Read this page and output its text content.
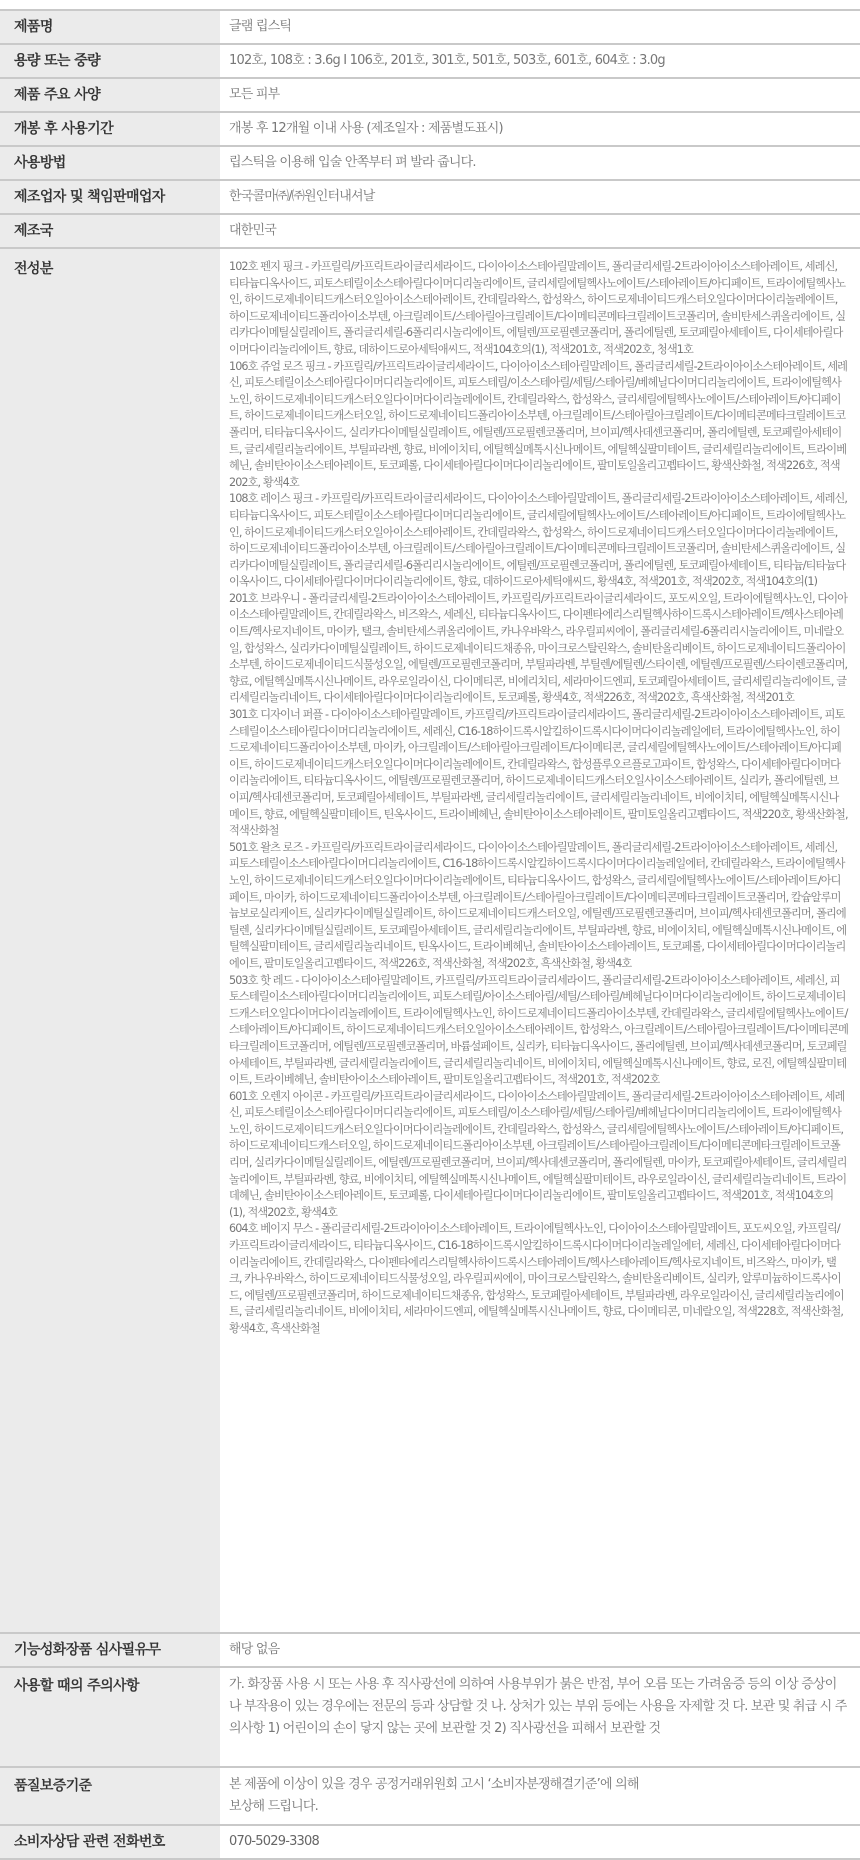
제품명	글램 립스틱
용량 또는 중량	102호, 108호 : 3.6g I 106호, 201호, 301호, 501호, 503호, 601호, 604호 : 3.0g
제품 주요 사양	모든 피부
개봉 후 사용기간	개봉 후 12개월 이내 사용 (제조일자 : 제품별도표시)
사용방법	립스틱을 이용해 입술 안쪽부터 펴 발라 줍니다.
제조업자 및 책임판매업자	한국콜마㈜/㈜원인터내셔날
제조국	대한민국
전성분	102호 펜지 핑크 - 카프릴릭/카프릭트라이글리세라이드, 다이아이소스테아릴말레이트, 폴리글리세릴-2트라이아이소스테아레이트, 세레신, 티타늄디옥사이드, 피토스테릴이소스테아릴다이머디리놀리에이트, 글리세릴에틸헥사노에이트/스테아레이트/아디페이트, 트라이에틸헥사노인, 하이드로제네이티드캐스터오일아이소스테아레이트, 칸데릴라왁스, 합성왁스, 하이드로제네이티드캐스터오일다이머다이리놀레에이트, 하이드로제네이티드폴리아이소부텐, 아크릴레이트/스테아릴아크릴레이트/다이메티콘메타크릴레이트코폴리머, 솔비탄세스퀴올리에이트, 실리카다이메틸실릴레이트, 폴리글리세릴-6폴리리시놀리에이트, 에틸렌/프로필렌코폴리머, 폴리에틸렌, 토코페릴아세테이트, 다이세테아릴다이머다이리놀리에이트, 향료, 데하이드로아세틱애씨드, 적색104호의(1), 적색201호, 적색202호, 청색1호
106호 쥬얼 로즈 핑크 - 카프릴릭/카프릭트라이글리세라이드, 다이아이소스테아릴말레이트, 폴리글리세릴-2트라이아이소스테아레이트, 세레신, 피토스테릴이소스테아릴다이머디리놀리에이트, 피토스테릴/이소스테아릴/세틸/스테아릴/베헤닐다이머디리놀리에이트, 트라이에틸헥사노인, 하이드로제네이티드캐스터오일다이머다이리놀레에이트, 칸데릴라왁스, 합성왁스, 글리세릴에틸헥사노에이트/스테아레이트/아디페이트, 하이드로제네이티드캐스터오일, 하이드로제네이티드폴리아이소부텐, 아크릴레이트/스테아릴아크릴레이트/다이메티콘메타크릴레이트코폴리머, 티타늄디옥사이드, 실리카다이메틸실릴레이트, 에틸렌/프로필렌코폴리머, 브이피/헥사데센코폴리머, 폴리에틸렌, 토코페릴아세테이트, 글리세릴리놀리에이트, 부틸파라벤, 향료, 비에이치티, 에틸헥실메톡시신나메이트, 에틸헥실팔미테이트, 글리세릴리놀리에이트, 트라이베헤닌, 솔비탄아이소스테아레이트, 토코페롤, 다이세테아릴다이머다이리놀리에이트, 팔미토일올리고펩타이드, 황색산화철, 적색226호, 적색202호, 황색4호
108호 레이스 핑크 - 카프릴릭/카프릭트라이글리세라이드, 다이아이소스테아릴말레이트, 폴리글리세릴-2트라이아이소스테아레이트, 세레신, 티타늄디옥사이드, 피토스테릴이소스테아릴다이머디리놀리에이트, 글리세릴에틸헥사노에이트/스테아레이트/아디페이트, 트라이에틸헥사노인, 하이드로제네이티드캐스터오일아이소스테아레이트, 칸데릴라왁스, 합성왁스, 하이드로제네이티드캐스터오일다이머다이리놀레에이트, 하이드로제네이티드폴리아이소부텐, 아크릴레이트/스테아릴아크릴레이트/다이메티콘메타크릴레이트코폴리머, 솔비탄세스퀴올리에이트, 실리카다이메틸실릴레이트, 폴리글리세릴-6폴리리시놀리에이트, 에틸렌/프로필렌코폴리머, 폴리에틸렌, 토코페릴아세테이트, 티타늄/티타늄다이옥사이드, 다이세테아릴다이머다이리놀리에이트, 향료, 데하이드로아세틱애씨드, 황색4호, 적색201호, 적색202호, 적색104호의(1)
201호 브라우니 - 폴리글리세릴-2트라이아이소스테아레이트, 카프릴릭/카프릭트라이글리세라이드, 포도씨오일, 트라이에틸헥사노인, 다이아이소스테아릴말레이트, 칸데릴라왁스, 비즈왁스, 세레신, 티타늄디옥사이드, 다이펜타에리스리틸헥사하이드록시스테아레이트/헥사스테아레이트/헥사로지네이트, 마이카, 탤크, 솔비탄세스퀴올리에이트, 카나우바왁스, 라우릴피씨에이, 폴리글리세릴-6폴리리시놀리에이트, 미네랄오일, 합성왁스, 실리카다이메틸실릴레이트, 하이드로제네이티드채종유, 마이크로스탈린왁스, 솔비탄올리베이트, 하이드로제네이티드폴리아이소부텐, 하이드로제네이티드식물성오일, 에틸렌/프로필렌코폴리머, 부틸파라벤, 부틸렌/에틸렌/스타이렌, 에틸렌/프로필렌/스타이렌코폴리머, 향료, 에틸헥실메톡시신나메이트, 라우로일라이신, 다이메티콘, 비에리치티, 세라마이드엔피, 토코페릴아세테이트, 글리세릴리놀리에이트, 글리세릴리놀리네이트, 다이세테아릴다이머다이리놀리에이트, 토코페롤, 황색4호, 적색226호, 적색202호, 흑색산화철, 적색201호
301호 디자이너 퍼플 - 다이아이소스테아릴말레이트, 카프릴릭/카프릭트라이글리세라이드, 폴리글리세릴-2트라이아이소스테아레이트, 피토스테릴이소스테아릴다이머디리놀리에이트, 세레신, C16-18하이드록시알킬하이드록시다이머다이리놀레일에터, 트라이에틸헥사노인, 하이드로제네이티드폴리아이소부텐, 마이카, 아크릴레이트/스테아릴아크릴레이트/다이메티콘, 글리세릴에틸헥사노에이트/스테아레이트/아디페이트, 하이드로제네이티드캐스터오일다이머다이리놀레에이트, 칸데릴라왁스, 합성플루오르플로고파이트, 합성왁스, 다이세테아릴다이머다이리놀리에이트, 티타늄디옥사이드, 에틸렌/프로필렌코폴리머, 하이드로제네이티드캐스터오일사이소스테아레이트, 실리카, 폴리에틸렌, 브이피/헥사데센코폴리머, 토코페릴아세테이트, 부틸파라벤, 글리세릴리놀리에이트, 글리세릴리놀리네이트, 비에이치티, 에틸헥실메톡시신나메이트, 향료, 에틸헥실팔미테이트, 틴옥사이드, 트라이베헤닌, 솔비탄아이소스테아레이트, 팔미토일올리고펩타이드, 적색220호, 황색산화철, 적색산화철
501호 왈츠 로즈 - 카프릴릭/카프릭트라이글리세라이드, 다이아이소스테아릴말레이트, 폴리글리세릴-2트라이아이소스테아레이트, 세레신, 피토스테릴이소스테아릴다이머디리놀리에이트, C16-18하이드록시알킬하이드록시다이머다이리놀레일에터, 칸데릴라왁스, 트라이에틸헥사노인, 하이드로제네이티드캐스터오일다이머다이리놀레에이트, 티타늄디옥사이드, 합성왁스, 글리세릴에틸헥사노에이트/스테아레이트/아디페이트, 마이카, 하이드로제네이티드폴리아이소부텐, 아크릴레이트/스테아릴아크릴레이트/다이메티콘메타크릴레이트코폴리머, 칼슘알루미늄보로실리케이트, 실리카다이메틸실릴레이트, 하이드로제네이티드캐스터오일, 에틸렌/프로필렌코폴리머, 브이피/헥사데센코폴리머, 폴리에틸렌, 실리카다이메틸실릴레이트, 토코페릴아세테이트, 글리세릴리놀리에이트, 부틸파라벤, 향료, 비에이치티, 에틸헥실메톡시신나메이트, 에틸헥실팔미테이트, 글리세릴리놀리네이트, 틴옥사이드, 트라이베헤닌, 솔비탄아이소스테아레이트, 토코페롤, 다이세테아릴다이머다이리놀리에이트, 팔미토일올리고펩타이드, 적색226호, 적색산화철, 적색202호, 흑색산화철, 황색4호
503호 핫 레드 - 다이아이소스테아릴말레이트, 카프릴릭/카프릭트라이글리세라이드, 폴리글리세릴-2트라이아이소스테아레이트, 세레신, 피토스테릴이소스테아릴다이머디리놀리에이트, 피토스테릴/아이소스테아릴/세틸/스테아릴/베헤닐다이머다이리놀리에이트, 하이드로제네이티드캐스터오일다이머다이리놀레에이트, 트라이에틸헥사노인, 하이드로제네이티드폴리아이소부텐, 칸데릴라왁스, 글리세릴에틸헥사노에이트/스테아레이트/아디페이트, 하이드로제네이티드캐스터오일아이소스테아레이트, 합성왁스, 아크릴레이트/스테아릴아크릴레이트/다이메티콘메타크릴레이트코폴리머, 에틸렌/프로필렌코폴리머, 바륨설페이트, 실리카, 티타늄디옥사이드, 폴리에틸렌, 브이피/헥사데센코폴리머, 토코페릴아세테이트, 부틸파라벤, 글리세릴리놀리에이트, 글리세릴리놀리네이트, 비에이치티, 에틸헥실메톡시신나메이트, 향료, 로진, 에틸헥실팔미테이트, 트라이베헤닌, 솔비탄아이소스테아레이트, 팔미토일올리고펩타이드, 적색201호, 적색202호
601호 오렌지 아이콘 - 카프릴릭/카프릭트라이글리세라이드, 다이아이소스테아릴말레이트, 폴리글리세릴-2트라이아이소스테아레이트, 세레신, 피토스테릴이소스테아릴다이머디리놀리에이트, 피토스테릴/이소스테아릴/세틸/스테아릴/베헤닐다이머디리놀리에이트, 트라이에틸헥사노인, 하이드로제이티드캐스터오일다이머다이리놀레에이트, 칸데릴라왁스, 합성왁스, 글리세릴에틸헥사노에이트/스테아레이트/아디페이트, 하이드로제네이티드캐스터오일, 하이드로제네이티드폴리아이소부텐, 아크릴레이트/스테아릴아크릴레이트/다이메티콘메타크릴레이트코폴리머, 실리카다이메틸실릴레이트, 에틸렌/프로필렌코폴리머, 브이피/헥사데센코폴리머, 폴리에틸렌, 마이카, 토코페릴아세테이트, 글리세릴리놀리에이트, 부틸파라벤, 향료, 비에이치티, 에틸헥실메톡시신나메이트, 에틸헥실팔미테이트, 라우로일라이신, 글리세릴리놀리네이트, 트라이데헤닌, 솔비탄아이소스테아레이트, 토코페롤, 다이세테아릴다이머다이리놀리에이트, 팔미토일올리고펩타이드, 적색201호, 적색104호의(1), 적색202호, 황색4호
604호 베이지 무스 - 폴리글리세릴-2트라이아이소스테아레이트, 트라이에틸헥사노인, 다이아이소스테아릴말레이트, 포도씨오일, 카프릴릭/카프릭트라이글리세라이드, 티타늄디옥사이드, C16-18하이드록시알킬하이드록시다이머다이리놀레일에터, 세레신, 다이세테아릴다이머다이리놀리에이트, 칸데릴라왁스, 다이펜타에리스리틸헥사하이드록시스테아레이트/헥사스테아레이트/헥사로지네이트, 비즈왁스, 마이카, 탤크, 카나우바왁스, 하이드로제네이티드식물성오일, 라우릴피씨에이, 마이크로스탈린왁스, 솔비탄올리베이트, 실리카, 알루미늄하이드록사이드, 에틸렌/프로필렌코폴리머, 하이드로제네이티드채종유, 합성왁스, 토코페릴아세테이트, 부틸파라벤, 라우로일라이신, 글리세릴리놀리에이트, 글리세릴리놀리네이트, 비에이치티, 세라마이드엔피, 에틸헥실메톡시신나메이트, 향료, 다이메티콘, 미네랄오일, 적색228호, 적색산화철, 황색4호, 흑색산화철

기능성화장품 심사필유무	해당 없음
사용할 때의 주의사항	가. 화장품 사용 시 또는 사용 후 직사광선에 의하여 사용부위가 붉은 반점, 부어 오름 또는 가려움증 등의 이상 증상이나 부작용이 있는 경우에는 전문의 등과 상담할 것 나. 상처가 있는 부위 등에는 사용을 자제할 것 다. 보관 및 취급 시 주의사항 1) 어린이의 손이 닿지 않는 곳에 보관할 것 2) 직사광선을 피해서 보관할 것
품질보증기준	본 제품에 이상이 있을 경우 공정거래위원회 고시 ‘소비자분쟁해결기준’에 의해
보상해 드립니다.

소비자상담 관련 전화번호	070-5029-3308
